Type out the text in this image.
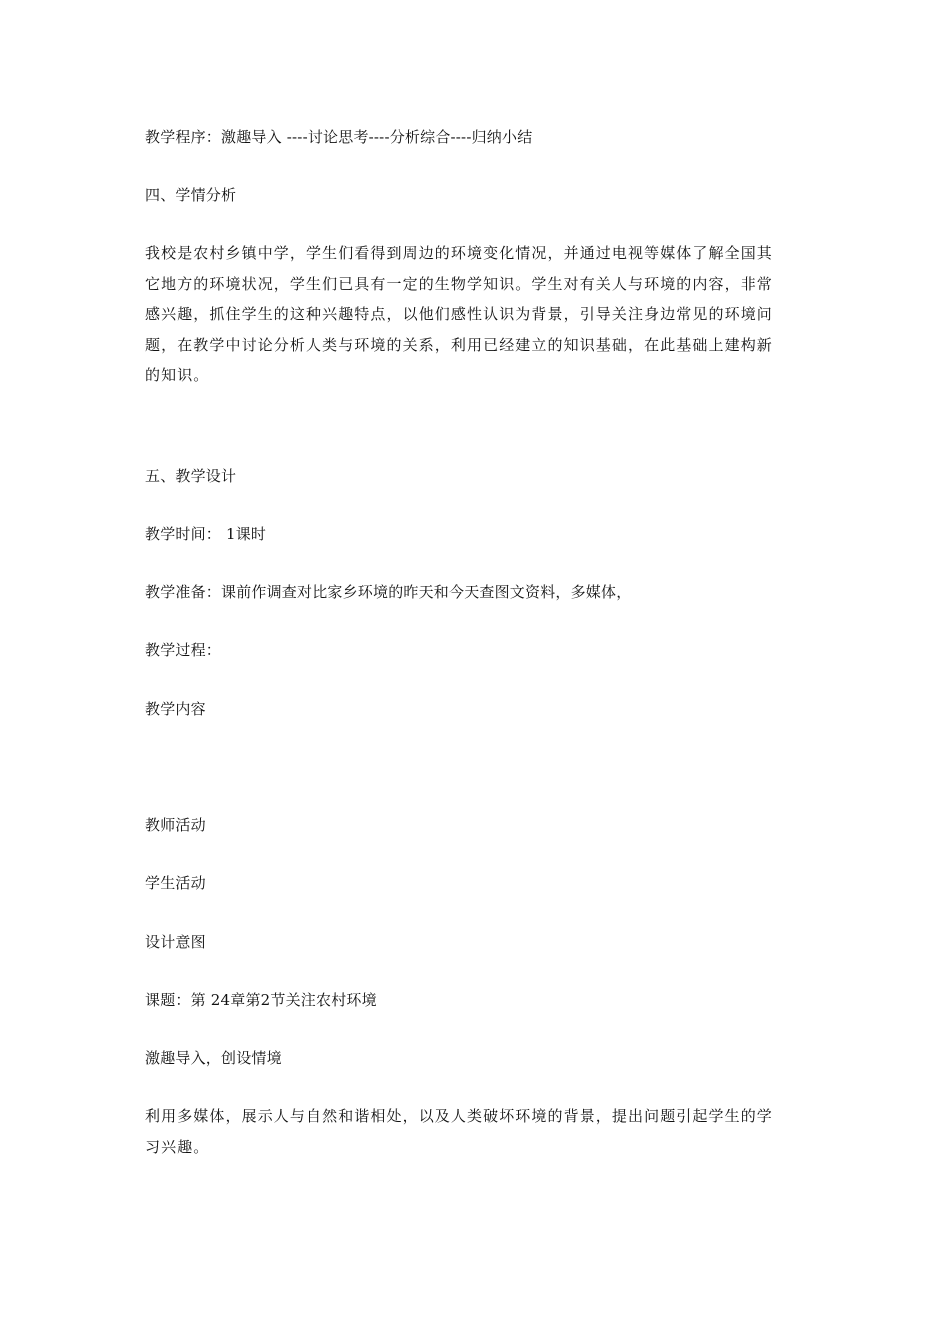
教学程序：激趣导入 ----讨论思考----分析综合----归纳小结
四、学情分析
我校是农村乡镇中学，学生们看得到周边的环境变化情况，并通过电视等媒体了解全国其
它地方的环境状况，学生们已具有一定的生物学知识。学生对有关人与环境的内容，非常
感兴趣，抓住学生的这种兴趣特点，以他们感性认识为背景，引导关注身边常见的环境问
题，在教学中讨论分析人类与环境的关系，利用已经建立的知识基础，在此基础上建构新
的知识。
五、教学设计
教学时间： 1课时
教学准备：课前作调查对比家乡环境的昨天和今天查图文资料，多媒体，
教学过程：
教学内容
教师活动
学生活动
设计意图
课题：第 24章第2节关注农村环境
激趣导入，创设情境
利用多媒体，展示人与自然和谐相处，以及人类破坏环境的背景，提出问题引起学生的学
习兴趣。
